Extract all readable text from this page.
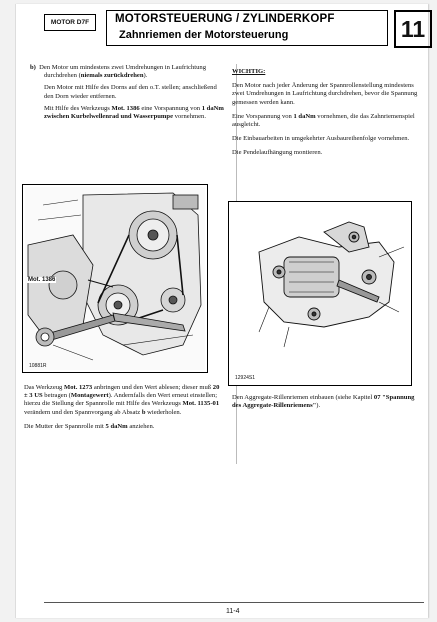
MOTOR D7F	MOTORSTEUERUNG / ZYLINDERKOPF
Zahnriemen der Motorsteuerung	11

b) Den Motor um mindestens zwei Umdrehungen in Laufrichtung durchdrehen (niemals zurückdrehen).

Den Motor mit Hilfe des Dorns auf den o.T. stellen; anschließend den Dorn wieder entfernen.

Mit Hilfe des Werkzeugs Mot. 1386 eine Vorspannung von 1 daNm zwischen Kurbelwellenrad und Wasserpumpe vornehmen.

Mot. 1386
10881R

Das Werkzeug Mot. 1273 anbringen und den Wert ablesen; dieser muß 20 ± 3 US betragen (Montagewert). Andernfalls den Wert erneut einstellen; hierzu die Stellung der Spannrolle mit Hilfe des Werkzeugs Mot. 1135-01 verändern und den Spannvorgang ab Absatz b wiederholen.

Die Mutter der Spannrolle mit 5 daNm anziehen.

WICHTIG:

Den Motor nach jeder Änderung der Spannrollenstellung mindestens zwei Umdrehungen in Laufrichtung durchdrehen, bevor die Spannung gemessen werden kann.

Eine Vorspannung von 1 daNm vornehmen, die das Zahnriemenspiel ausgleicht.

Die Einbauarbeiten in umgekehrter Ausbaureihenfolge vornehmen.

Die Pendelaufhängung montieren.

12924S1

Den Aggregate-Rillenriemen einbauen (siehe Kapitel 07 "Spannung des Aggregate-Rillenriemens").

11-4
